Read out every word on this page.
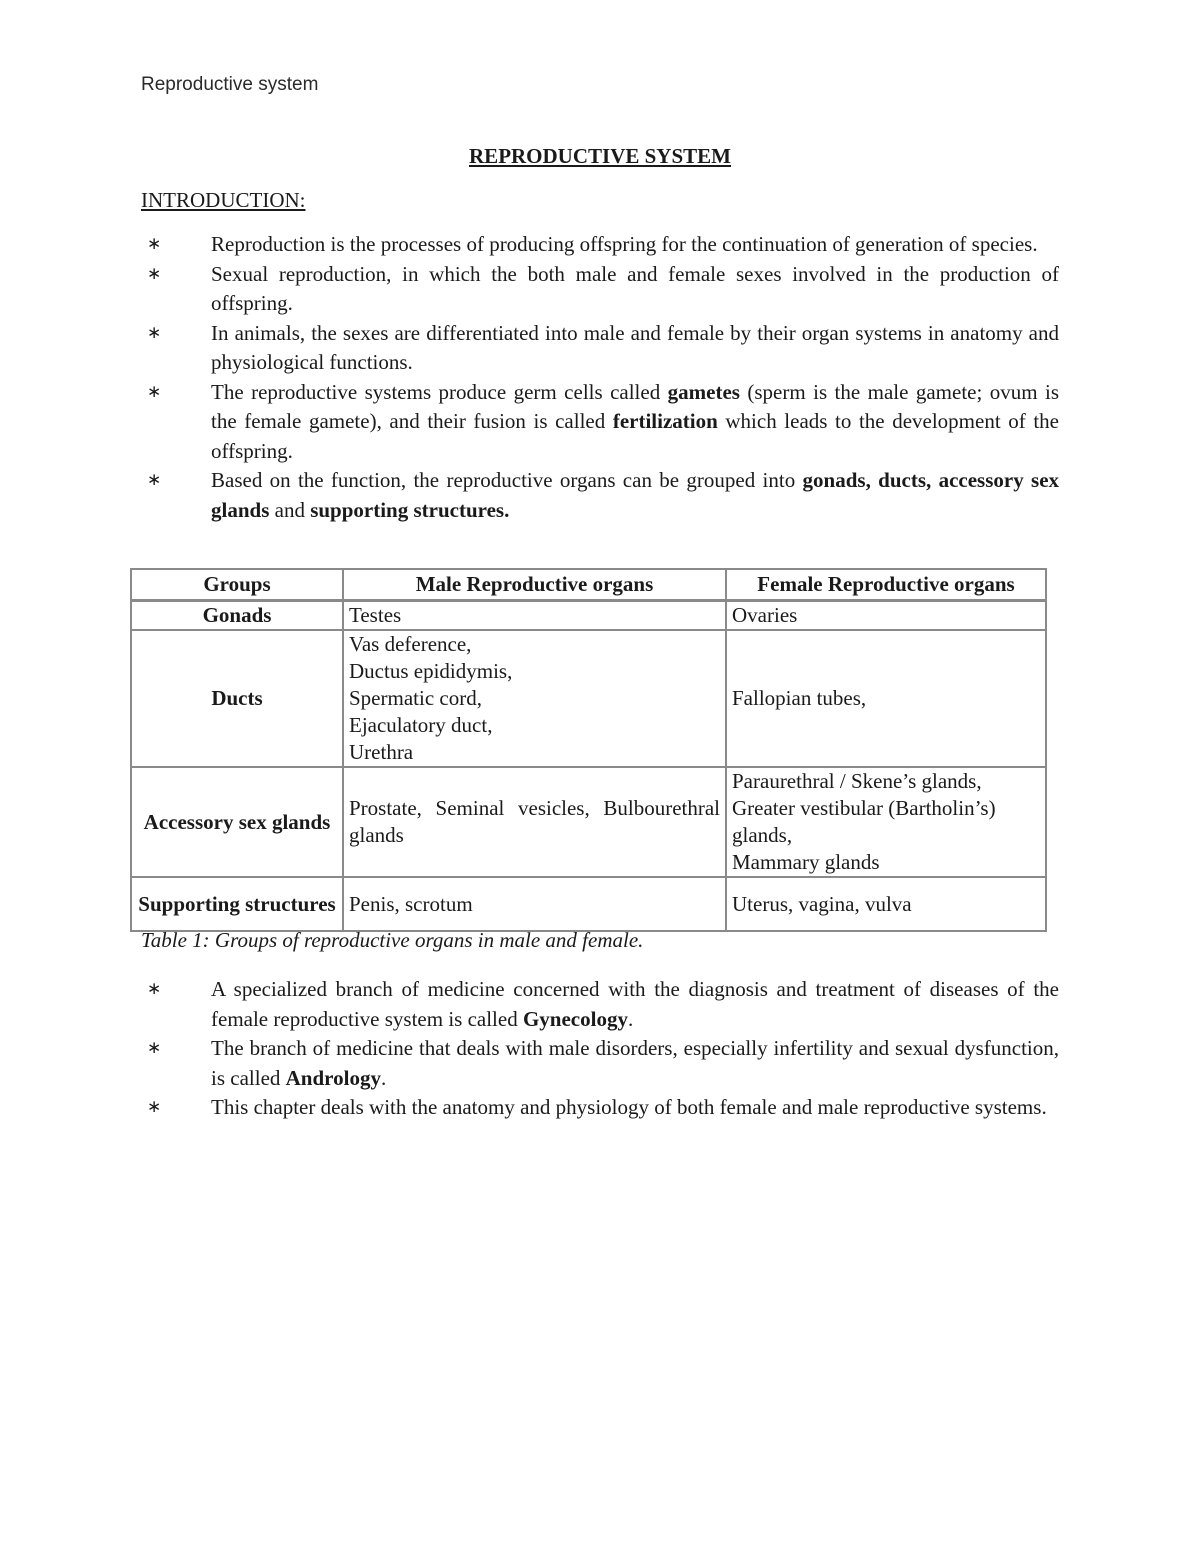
Reproductive system
REPRODUCTIVE SYSTEM
INTRODUCTION:
∗ Reproduction is the processes of producing offspring for the continuation of generation of species.
∗ Sexual reproduction, in which the both male and female sexes involved in the production of offspring.
∗ In animals, the sexes are differentiated into male and female by their organ systems in anatomy and physiological functions.
∗ The reproductive systems produce germ cells called gametes (sperm is the male gamete; ovum is the female gamete), and their fusion is called fertilization which leads to the development of the offspring.
∗ Based on the function, the reproductive organs can be grouped into gonads, ducts, accessory sex glands and supporting structures.
Groups	Male Reproductive organs	Female Reproductive organs
Gonads	Testes	Ovaries

Ducts	Vas deference,
Ductus epididymis,
Spermatic cord,
Ejaculatory duct,
Urethra	Fallopian tubes,

Accessory sex glands	Prostate, Seminal vesicles, Bulbourethral glands	Paraurethral / Skene’s glands,
Greater vestibular (Bartholin’s) glands,
Mammary glands

Supporting structures	Penis, scrotum	Uterus, vagina, vulva
Table 1: Groups of reproductive organs in male and female.
∗ A specialized branch of medicine concerned with the diagnosis and treatment of diseases of the female reproductive system is called Gynecology.
∗ The branch of medicine that deals with male disorders, especially infertility and sexual dysfunction, is called Andrology.
∗ This chapter deals with the anatomy and physiology of both female and male reproductive systems.
